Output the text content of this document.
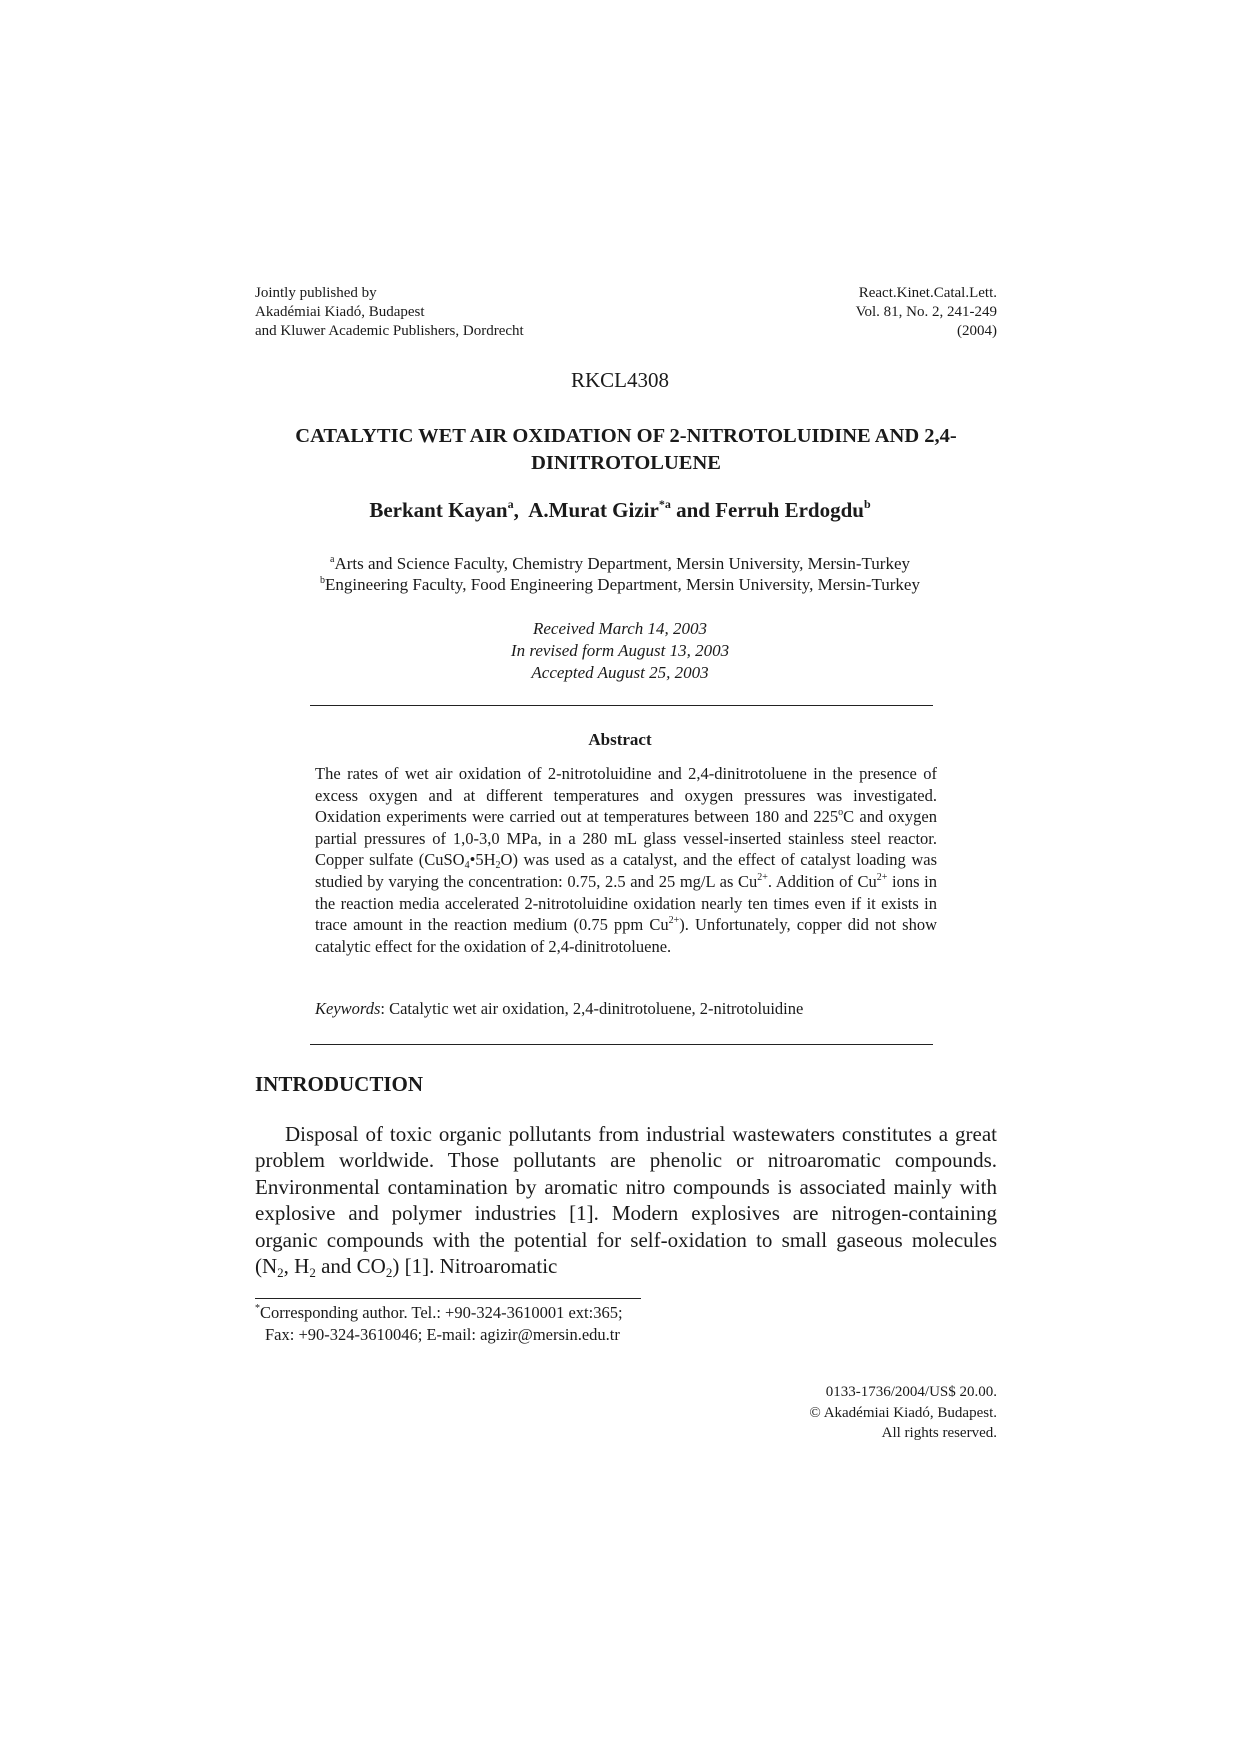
Jointly published by
Akadémiai Kiadó, Budapest
and Kluwer Academic Publishers, Dordrecht
React.Kinet.Catal.Lett.
Vol. 81, No. 2, 241-249
(2004)
RKCL4308
CATALYTIC WET AIR OXIDATION OF 2-NITROTOLUIDINE AND 2,4-DINITROTOLUENE
Berkant Kayan$^a$,  A.Murat Gizir$^{*a}$ and Ferruh Erdogdu$^b$
$^a$Arts and Science Faculty, Chemistry Department, Mersin University, Mersin-Turkey
$^b$Engineering Faculty, Food Engineering Department, Mersin University, Mersin-Turkey
Received March 14, 2003
In revised form August 13, 2003
Accepted August 25, 2003
Abstract
The rates of wet air oxidation of 2-nitrotoluidine and 2,4-dinitrotoluene in the presence of excess oxygen and at different temperatures and oxygen pressures was investigated. Oxidation experiments were carried out at temperatures between 180 and 225$^o$C and oxygen partial pressures of 1,0-3,0 MPa, in a 280 mL glass vessel-inserted stainless steel reactor. Copper sulfate $(CuSO_4•5H_2O)$ was used as a catalyst, and the effect of catalyst loading was studied by varying the concentration: 0.75, 2.5 and 25 mg/L as $Cu^{2+}$. Addition of $Cu^{2+}$ ions in the reaction media accelerated 2-nitrotoluidine oxidation nearly ten times even if it exists in trace amount in the reaction medium (0.75 ppm $Cu^{2+}$). Unfortunately, copper did not show catalytic effect for the oxidation of 2,4-dinitrotoluene.
Keywords: Catalytic wet air oxidation, 2,4-dinitrotoluene, 2-nitrotoluidine
INTRODUCTION
Disposal of toxic organic pollutants from industrial wastewaters constitutes a great problem worldwide. Those pollutants are phenolic or nitroaromatic compounds. Environmental contamination by aromatic nitro compounds is associated mainly with explosive and polymer industries [1]. Modern explosives are nitrogen-containing organic compounds with the potential for self-oxidation to small gaseous molecules ($N_2$, $H_2$ and $CO_2$) [1]. Nitroaromatic
*Corresponding author. Tel.: +90-324-3610001 ext:365;
Fax: +90-324-3610046; E-mail: agizir@mersin.edu.tr
0133-1736/2004/US$ 20.00.
© Akadémiai Kiadó, Budapest.
All rights reserved.
